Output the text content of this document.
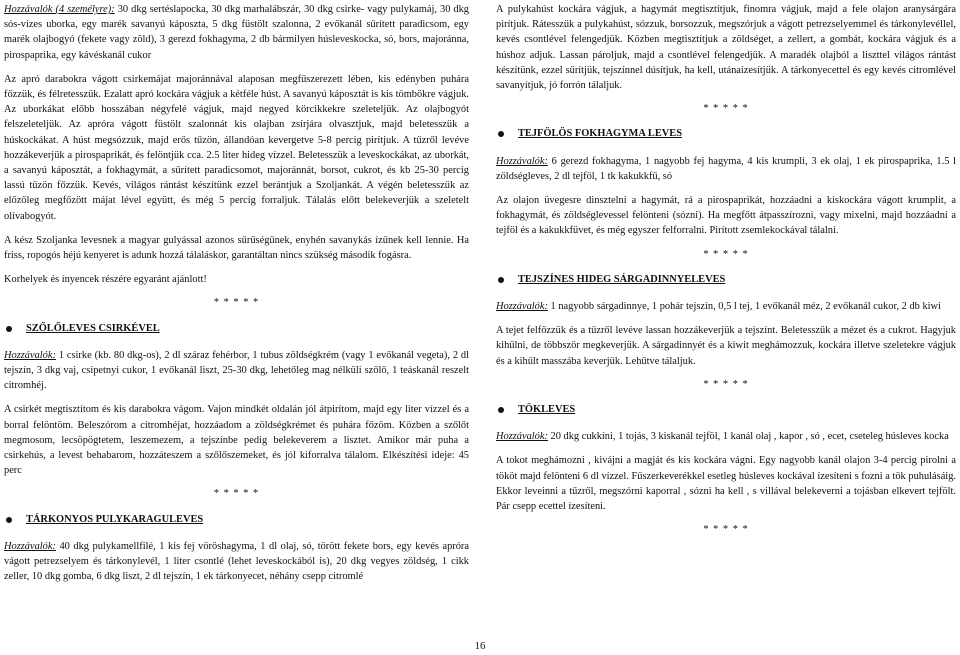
Hozzávalók (4 személyre): 30 dkg sertéslapocka, 30 dkg marhalábszár, 30 dkg csirke- vagy pulykamáj, 30 dkg sós-vizes uborka, egy marék savanyú káposzta, 5 dkg füstölt szalonna, 2 evőkanál sűrített paradicsom, egy marék olajbogyó (fekete vagy zöld), 3 gerezd fokhagyma, 2 db bármilyen húsleveskocka, só, bors, majoránna, pirospaprika, egy kávéskanál cukor

Az apró darabokra vágott csirkemájat majoránnával alaposan megfűszerezett lében, kis edényben puhára főzzük, és félretesszük. Ezalatt apró kockára vágjuk a kétféle húst. A savanyú káposztát is kis tömbökre vágjuk. Az uborkákat előbb hosszában négyfelé vágjuk, majd negyed körcikkekre szeleteljük. Az olajbogyót felszeleteljük. Az apróra vágott füstölt szalonnát kis olajban zsírjára olvasztjuk, majd beletesszük a húskockákat. A húst megsózzuk, majd erős tűzön, állandóan kevergetve 5-8 percig pirítjuk. A tűzről levéve hozzákeverjük a pirospaprikát, és felöntjük cca. 2.5 liter hideg vízzel. Beletesszük a leveskockákat, az uborkát, a savanyú káposztát, a fokhagymát, a sűrített paradicsomot, majoránnát, borsot, cukrot, és kb 25-30 percig lassú tűzön főzzük. Kevés, világos rántást készítünk ezzel berántjuk a Szoljankát. A végén beletesszük az előzőleg megfőzött májat lével együtt, és még 5 percig forraljuk. Tálalás előtt belekeverjük a szeletelt olívabogyót.

A kész Szoljanka levesnek a magyar gulyással azonos sűrűségűnek, enyhén savanykás ízűnek kell lennie. Ha friss, ropogós héjú kenyeret is adunk hozzá tálaláskor, garantáltan nincs szükség második fogásra.

Korhelyek és ínyencek részére egyaránt ajánlott!

* * * * *
SZŐLŐLEVES CSIRKÉVEL

Hozzávalók: 1 csirke (kb. 80 dkg-os), 2 dl száraz fehérbor, 1 tubus zöldségkrém (vagy 1 evőkanál vegeta), 2 dl tejszín, 3 dkg vaj, csipetnyi cukor, 1 evőkanál liszt, 25-30 dkg, lehetőleg mag nélküli szőlő, 1 teáskanál reszelt citromhéj.

A csirkét megtisztítom és kis darabokra vágom. Vajon mindkét oldalán jól átpirítom, majd egy liter vízzel és a borral felöntöm. Beleszórom a citromhéjat, hozzáadom a zöldségkrémet és puhára főzöm. Közben a szőlőt megmosom, lecsöpögtetem, leszemezem, a tejszínbe pedig belekeverem a lisztet. Amikor már puha a csirkehús, a levest behabarom, hozzáteszem a szőlőszemeket, és jól kiforralva tálalom. Elkészítési ideje: 45 perc

* * * * *
TÁRKONYOS PULYKARAGULEVES

Hozzávalók: 40 dkg pulykamellfilé, 1 kis fej vöröshagyma, 1 dl olaj, só, törött fekete bors, egy kevés apróra vágott petrezselyem és tárkonylevél, 1 liter csontlé (lehet leveskockából is), 20 dkg vegyes zöldség, 1 cikk zeller, 10 dkg gomba, 6 dkg liszt, 2 dl tejszín, 1 ek tárkonyecet, néhány csepp citromlé

A pulykahúst kockára vágjuk, a hagymát megtisztítjuk, finomra vágjuk, majd a fele olajon aranysárgára pirítjuk. Rátesszük a pulykahúst, sózzuk, borsozzuk, megszórjuk a vágott petrezselyemmel és tárkonylevéllel, kevés csontlével felengedjük. Közben megtisztítjuk a zöldséget, a zellert, a gombát, kockára vágjuk és a húshoz adjuk. Lassan pároljuk, majd a csontlével felengedjük. A maradék olajból a liszttel világos rántást készítünk, ezzel sűrítjük, tejszínnel dúsítjuk, ha kell, utánaízesítjük. A tárkonyecettel és egy kevés citromlével savanyítjuk, jó forrón tálaljuk.

* * * * *
TEJFÖLÖS FOKHAGYMA LEVES

Hozzávalók: 6 gerezd fokhagyma, 1 nagyobb fej hagyma, 4 kis krumpli, 3 ek olaj, 1 ek pirospaprika, 1.5 l zöldségleves, 2 dl tejföl, 1 tk kakukkfű, só

Az olajon üvegesre dinsztelni a hagymát, rá a pirospaprikát, hozzáadni a kiskockára vágott krumplit, a fokhagymát, és zöldséglevessel felönteni (sózni). Ha megfőtt átpasszírozni, vagy mixelni, majd hozzáadni a tejföl és a kakukkfüvet, és még egyszer felforralni. Pirított zsemlekockával tálalni.

* * * * *
TEJSZÍNES HIDEG SÁRGADINNYELEVES

Hozzávalók: 1 nagyobb sárgadinnye, 1 pohár tejszín, 0,5 l tej, 1 evőkanál méz, 2 evőkanál cukor, 2 db kiwi

A tejet felfőzzük és a tűzről levéve lassan hozzákeverjük a tejszínt. Beletesszük a mézet és a cukrot. Hagyjuk kihűlni, de többször megkeverjük. A sárgadinnyét és a kiwit meghámozzuk, kockára illetve szeletekre vágjuk és a kihűlt masszába keverjük. Lehűtve tálaljuk.

* * * * *
TÖKLEVES

Hozzávalók: 20 dkg cukkíni, 1 tojás, 3 kiskanál tejföl, 1 kanál olaj , kapor , só , ecet, cseteleg húsleves kocka

A tokot meghámozni , kivájni a magját és kis kockára vágni. Egy nagyobb kanál olajon 3-4 percig pirolni a tököt majd felönteni 6 dl vízzel. Fűszerkeverékkel esetleg húsleves kockával ízesíteni s fozni a tök puhulásáig. Ekkor leveinni a tűzről, megszórni kaporral , sózni ha kell , s villával belekeverni a tojásban elkevert tejfölt. Pár csepp ecettel ízesíteni.

* * * * *
16
